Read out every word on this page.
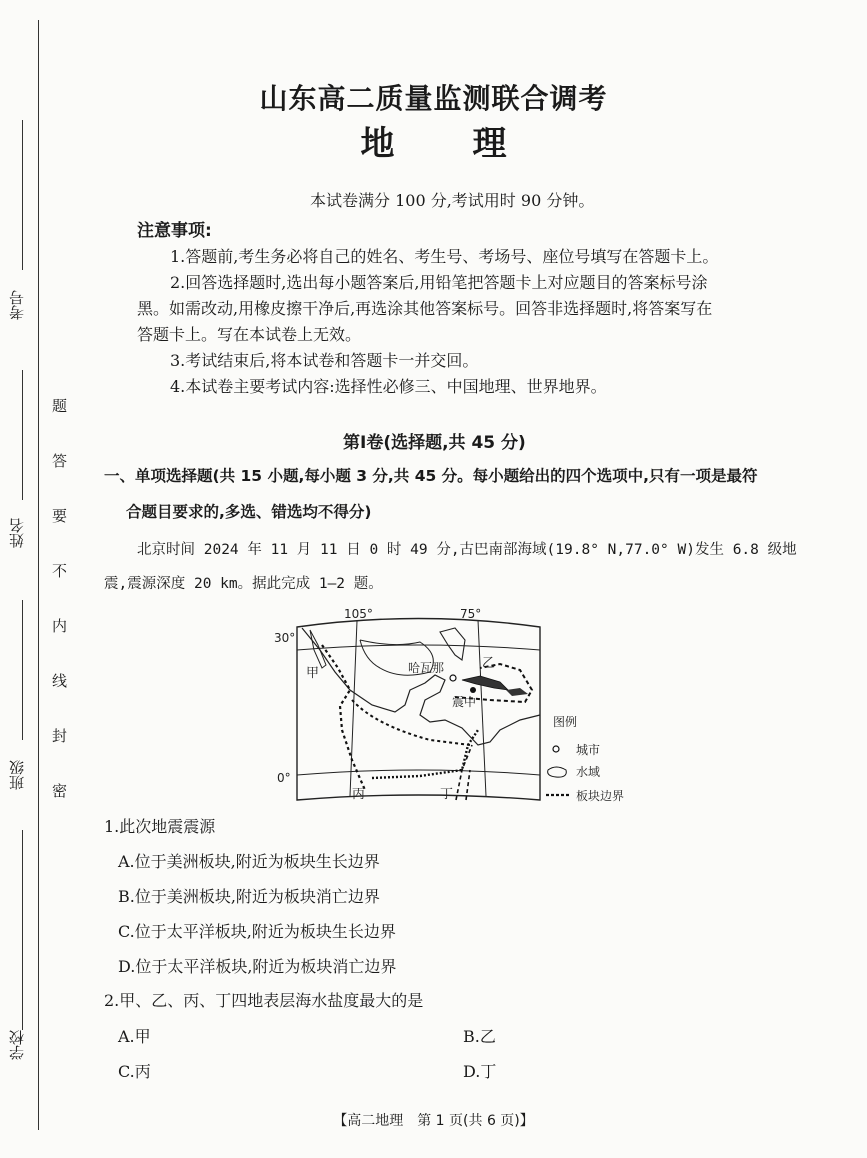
考号
姓名
班级
学校
题
答
要
不
内
线
封
密
山东高二质量监测联合调考
地理
本试卷满分 100 分,考试用时 90 分钟。
注意事项:
1.答题前,考生务必将自己的姓名、考生号、考场号、座位号填写在答题卡上。
2.回答选择题时,选出每小题答案后,用铅笔把答题卡上对应题目的答案标号涂
黑。如需改动,用橡皮擦干净后,再选涂其他答案标号。回答非选择题时,将答案写在
答题卡上。写在本试卷上无效。
3.考试结束后,将本试卷和答题卡一并交回。
4.本试卷主要考试内容:选择性必修三、中国地理、世界地界。
第Ⅰ卷(选择题,共 45 分)
一、单项选择题(共 15 小题,每小题 3 分,共 45 分。每小题给出的四个选项中,只有一项是最符
合题目要求的,多选、错选均不得分)
北京时间 2024 年 11 月 11 日 0 时 49 分,古巴南部海域(19.8° N,77.0° W)发生 6.8 级地
震,震源深度 20 km。据此完成 1—2 题。
105°	75°
30°
0°
甲
乙
丙	丁
哈瓦那
震中
图例
城市
水域
板块边界
1.此次地震震源
A.位于美洲板块,附近为板块生长边界
B.位于美洲板块,附近为板块消亡边界
C.位于太平洋板块,附近为板块生长边界
D.位于太平洋板块,附近为板块消亡边界
2.甲、乙、丙、丁四地表层海水盐度最大的是
A.甲	B.乙
C.丙	D.丁
【高二地理　第 1 页(共 6 页)】
